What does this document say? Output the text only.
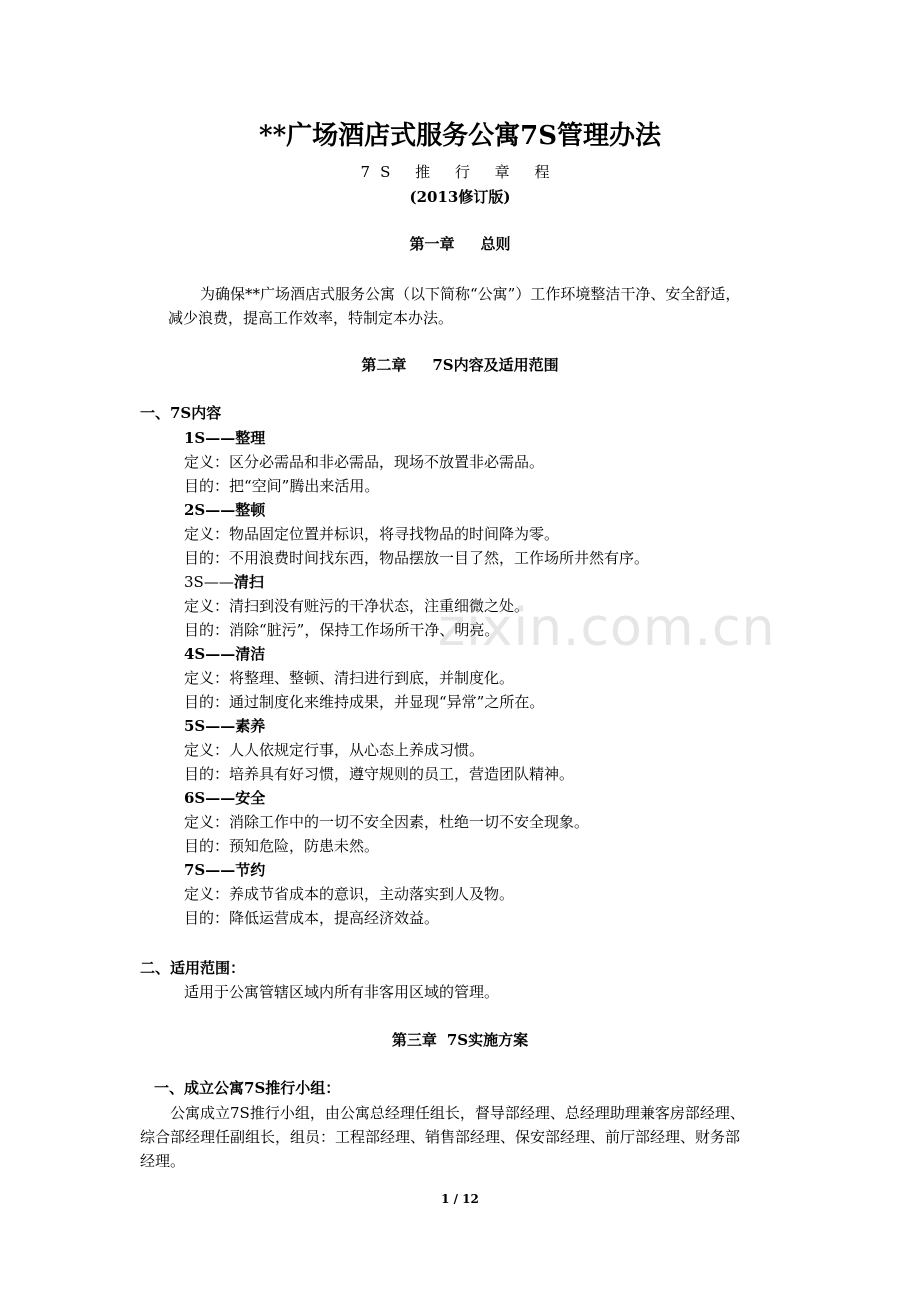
zixin.com.cn
**广场酒店式服务公寓7S管理办法
7S 推 行 章 程
(2013修订版)
第一章 总则
为确保**广场酒店式服务公寓（以下简称“公寓”）工作环境整洁干净、安全舒适，
减少浪费，提高工作效率，特制定本办法。
第二章 7S内容及适用范围
一、7S内容
1S——整理
定义：区分必需品和非必需品，现场不放置非必需品。
目的：把“空间”腾出来活用。
2S——整顿
定义：物品固定位置并标识，将寻找物品的时间降为零。
目的：不用浪费时间找东西，物品摆放一目了然，工作场所井然有序。
3S——清扫
定义：清扫到没有赃污的干净状态，注重细微之处。
目的：消除“脏污”，保持工作场所干净、明亮。
4S——清洁
定义：将整理、整顿、清扫进行到底，并制度化。
目的：通过制度化来维持成果，并显现“异常”之所在。
5S——素养
定义：人人依规定行事，从心态上养成习惯。
目的：培养具有好习惯，遵守规则的员工，营造团队精神。
6S——安全
定义：消除工作中的一切不安全因素，杜绝一切不安全现象。
目的：预知危险，防患未然。
7S——节约
定义：养成节省成本的意识，主动落实到人及物。
目的：降低运营成本，提高经济效益。
二、适用范围：
适用于公寓管辖区域内所有非客用区域的管理。
第三章 7S实施方案
一、成立公寓7S推行小组：
公寓成立7S推行小组，由公寓总经理任组长，督导部经理、总经理助理兼客房部经理、
综合部经理任副组长，组员：工程部经理、销售部经理、保安部经理、前厅部经理、财务部
经理。
1 / 12
